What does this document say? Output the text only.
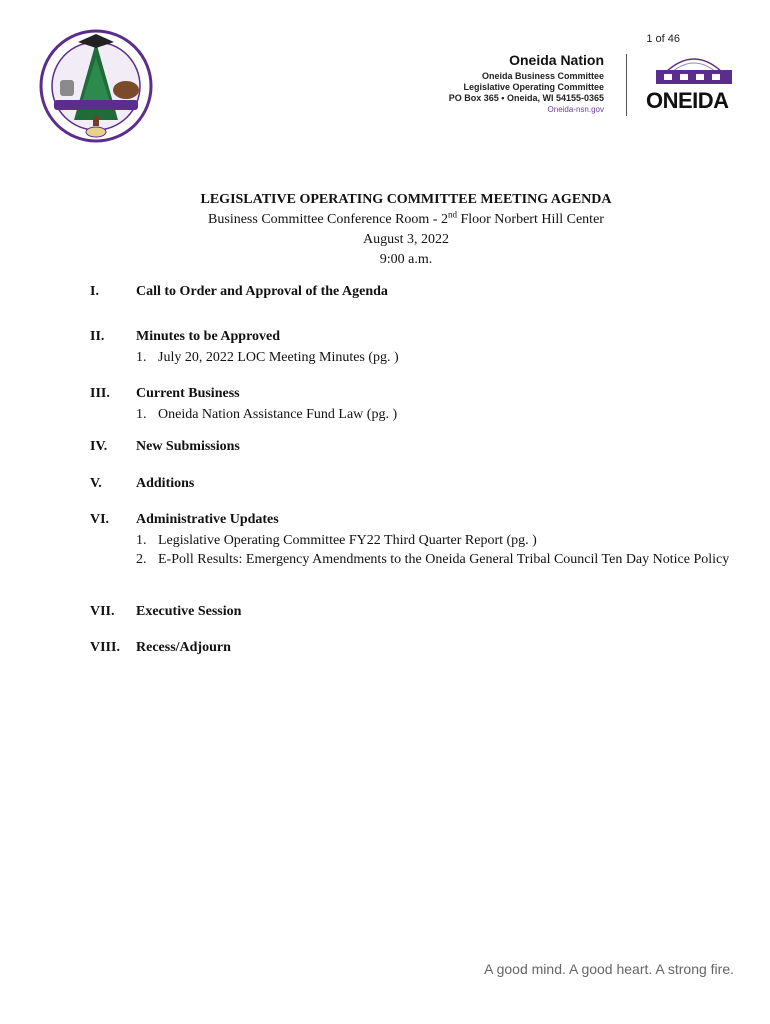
1 of 46
Oneida Nation
Oneida Business Committee
Legislative Operating Committee
PO Box 365 • Oneida, WI 54155-0365
Oneida-nsn.gov ONEIDA
LEGISLATIVE OPERATING COMMITTEE MEETING AGENDA
Business Committee Conference Room - 2nd Floor Norbert Hill Center
August 3, 2022
9:00 a.m.
I.	Call to Order and Approval of the Agenda
II. Minutes to be Approved
1. July 20, 2022 LOC Meeting Minutes (pg. )
III. Current Business
1. Oneida Nation Assistance Fund Law (pg. )
IV. New Submissions
V. Additions
VI. Administrative Updates
1. Legislative Operating Committee FY22 Third Quarter Report (pg. )
2. E-Poll Results: Emergency Amendments to the Oneida General Tribal Council Ten Day Notice Policy
VII. Executive Session
VIII. Recess/Adjourn
A good mind. A good heart. A strong fire.
